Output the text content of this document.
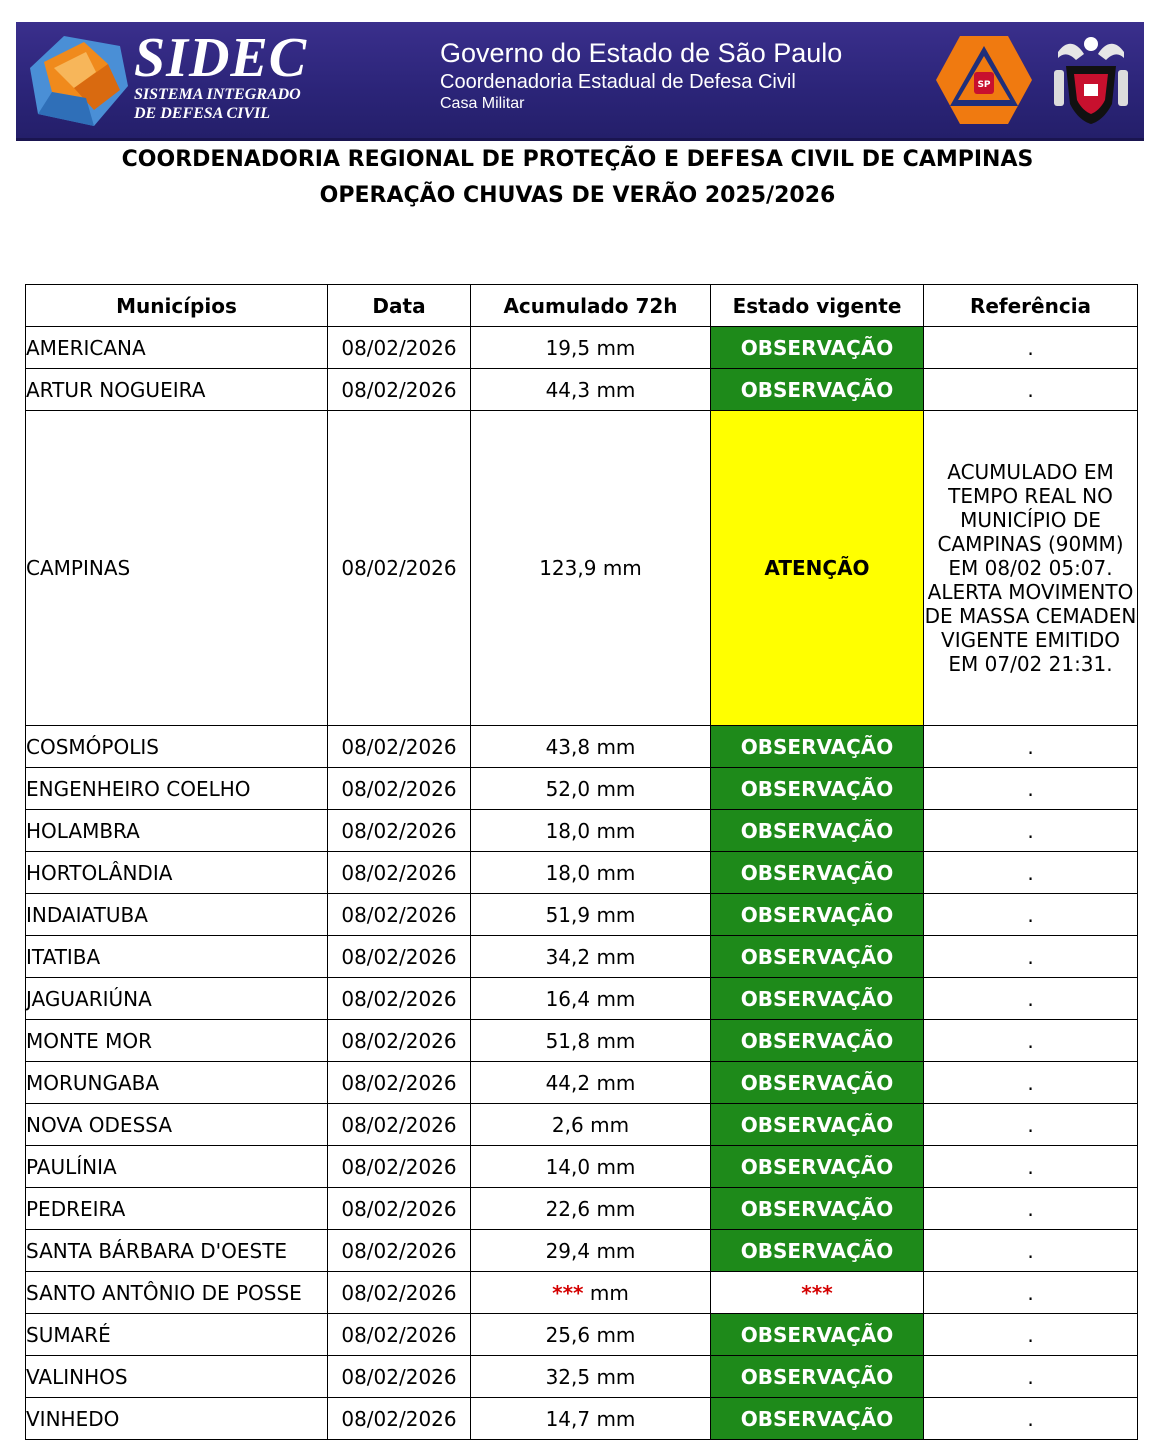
SIDEC
SISTEMA INTEGRADO
DE DEFESA CIVIL
Governo do Estado de São Paulo
Coordenadoria Estadual de Defesa Civil
Casa Militar
SP
COORDENADORIA REGIONAL DE PROTEÇÃO E DEFESA CIVIL DE CAMPINAS
OPERAÇÃO CHUVAS DE VERÃO 2025/2026
Municípios	Data	Acumulado 72h	Estado vigente	Referência
AMERICANA	08/02/2026	19,5 mm	OBSERVAÇÃO	.
ARTUR NOGUEIRA	08/02/2026	44,3 mm	OBSERVAÇÃO	.
CAMPINAS	08/02/2026	123,9 mm	ATENÇÃO	ACUMULADO EM TEMPO REAL NO MUNICÍPIO DE CAMPINAS (90MM) EM 08/02 05:07. ALERTA MOVIMENTO DE MASSA CEMADEN VIGENTE EMITIDO EM 07/02 21:31.
COSMÓPOLIS	08/02/2026	43,8 mm	OBSERVAÇÃO	.
ENGENHEIRO COELHO	08/02/2026	52,0 mm	OBSERVAÇÃO	.
HOLAMBRA	08/02/2026	18,0 mm	OBSERVAÇÃO	.
HORTOLÂNDIA	08/02/2026	18,0 mm	OBSERVAÇÃO	.
INDAIATUBA	08/02/2026	51,9 mm	OBSERVAÇÃO	.
ITATIBA	08/02/2026	34,2 mm	OBSERVAÇÃO	.
JAGUARIÚNA	08/02/2026	16,4 mm	OBSERVAÇÃO	.
MONTE MOR	08/02/2026	51,8 mm	OBSERVAÇÃO	.
MORUNGABA	08/02/2026	44,2 mm	OBSERVAÇÃO	.
NOVA ODESSA	08/02/2026	2,6 mm	OBSERVAÇÃO	.
PAULÍNIA	08/02/2026	14,0 mm	OBSERVAÇÃO	.
PEDREIRA	08/02/2026	22,6 mm	OBSERVAÇÃO	.
SANTA BÁRBARA D'OESTE	08/02/2026	29,4 mm	OBSERVAÇÃO	.
SANTO ANTÔNIO DE POSSE	08/02/2026	*** mm	***	.
SUMARÉ	08/02/2026	25,6 mm	OBSERVAÇÃO	.
VALINHOS	08/02/2026	32,5 mm	OBSERVAÇÃO	.
VINHEDO	08/02/2026	14,7 mm	OBSERVAÇÃO	.
